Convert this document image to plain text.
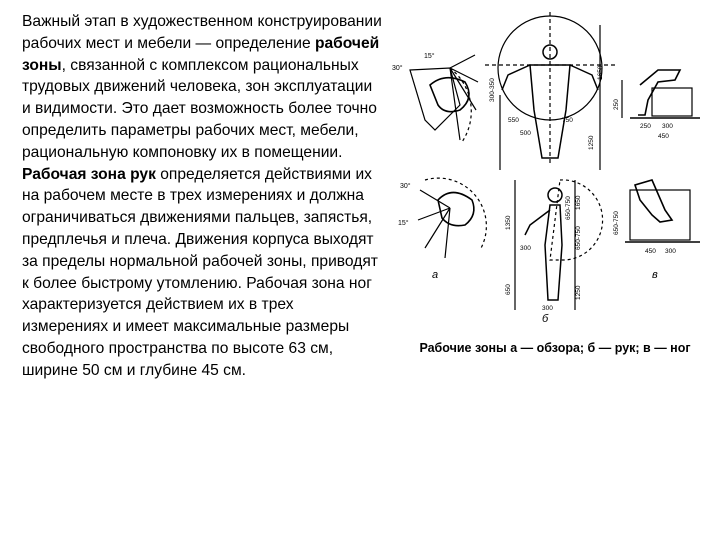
Важный этап в художественном конструировании рабочих мест и мебели — определение рабочей зоны, связанной с комплексом рациональных трудовых движений человека, зон эксплуатации и видимости. Это дает возможность более точно определить параметры рабочих мест, мебели, рациональную компоновку их в помещении.

Рабочая зона рук определяется действиями их на рабочем месте в трех измерениях и должна ограничиваться движениями пальцев, запястья, предплечья и плеча. Движения корпуса выходят за пределы нормальной рабочей зоны, приводят к более быстрому утомлению. Рабочая зона ног характеризуется действием их в трех измерениях и имеет максимальные размеры свободного пространства по высоте 63 см, ширине 50 см и глубине 45 см.

30°
15°
30°
15°
а
300-350
1650
550	750
1250
500
250
250 300
450
1350
300
650
650-750
300
650-750
1650
1250
б
650-750
450 300
в
Рабочие зоны а — обзора; б — рук; в — ног
